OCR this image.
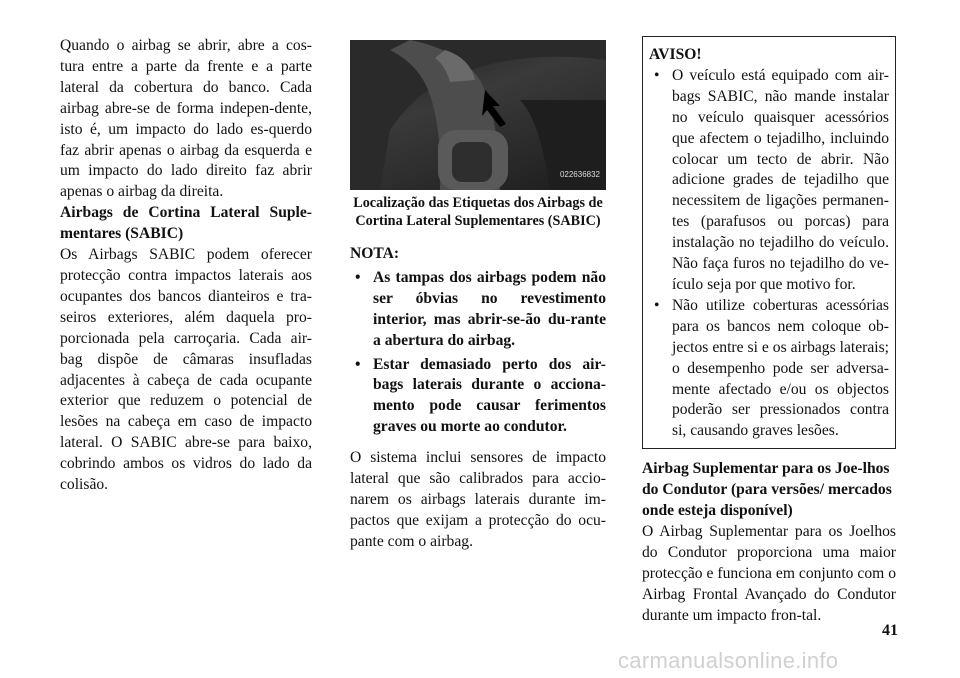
Quando o airbag se abrir, abre a cos-tura entre a parte da frente e a parte lateral da cobertura do banco. Cada airbag abre-se de forma indepen-dente, isto é, um impacto do lado es-querdo faz abrir apenas o airbag da esquerda e um impacto do lado direito faz abrir apenas o airbag da direita.

Airbags de Cortina Lateral Suple-mentares (SABIC)

Os Airbags SABIC podem oferecer protecção contra impactos laterais aos ocupantes dos bancos dianteiros e tra-seiros exteriores, além daquela pro-porcionada pela carroçaria. Cada air-bag dispõe de câmaras insufladas adjacentes à cabeça de cada ocupante exterior que reduzem o potencial de lesões na cabeça em caso de impacto lateral. O SABIC abre-se para baixo, cobrindo ambos os vidros do lado da colisão.

022636832

Localização das Etiquetas dos Airbags de Cortina Lateral Suplementares (SABIC)

NOTA:

• As tampas dos airbags podem não ser óbvias no revestimento interior, mas abrir-se-ão du-rante a abertura do airbag.
• Estar demasiado perto dos air-bags laterais durante o acciona-mento pode causar ferimentos graves ou morte ao condutor.

O sistema inclui sensores de impacto lateral que são calibrados para accio-narem os airbags laterais durante im-pactos que exijam a protecção do ocu-pante com o airbag.

AVISO!

• O veículo está equipado com air-bags SABIC, não mande instalar no veículo quaisquer acessórios que afectem o tejadilho, incluindo colocar um tecto de abrir. Não adicione grades de tejadilho que necessitem de ligações permanen-tes (parafusos ou porcas) para instalação no tejadilho do veículo. Não faça furos no tejadilho do ve-ículo seja por que motivo for.
• Não utilize coberturas acessórias para os bancos nem coloque ob-jectos entre si e os airbags laterais; o desempenho pode ser adversa-mente afectado e/ou os objectos poderão ser pressionados contra si, causando graves lesões.

Airbag Suplementar para os Joe-lhos do Condutor (para versões/ mercados onde esteja disponível)

O Airbag Suplementar para os Joelhos do Condutor proporciona uma maior protecção e funciona em conjunto com o Airbag Frontal Avançado do Condutor durante um impacto fron-tal.

41
carmanualsonline.info
